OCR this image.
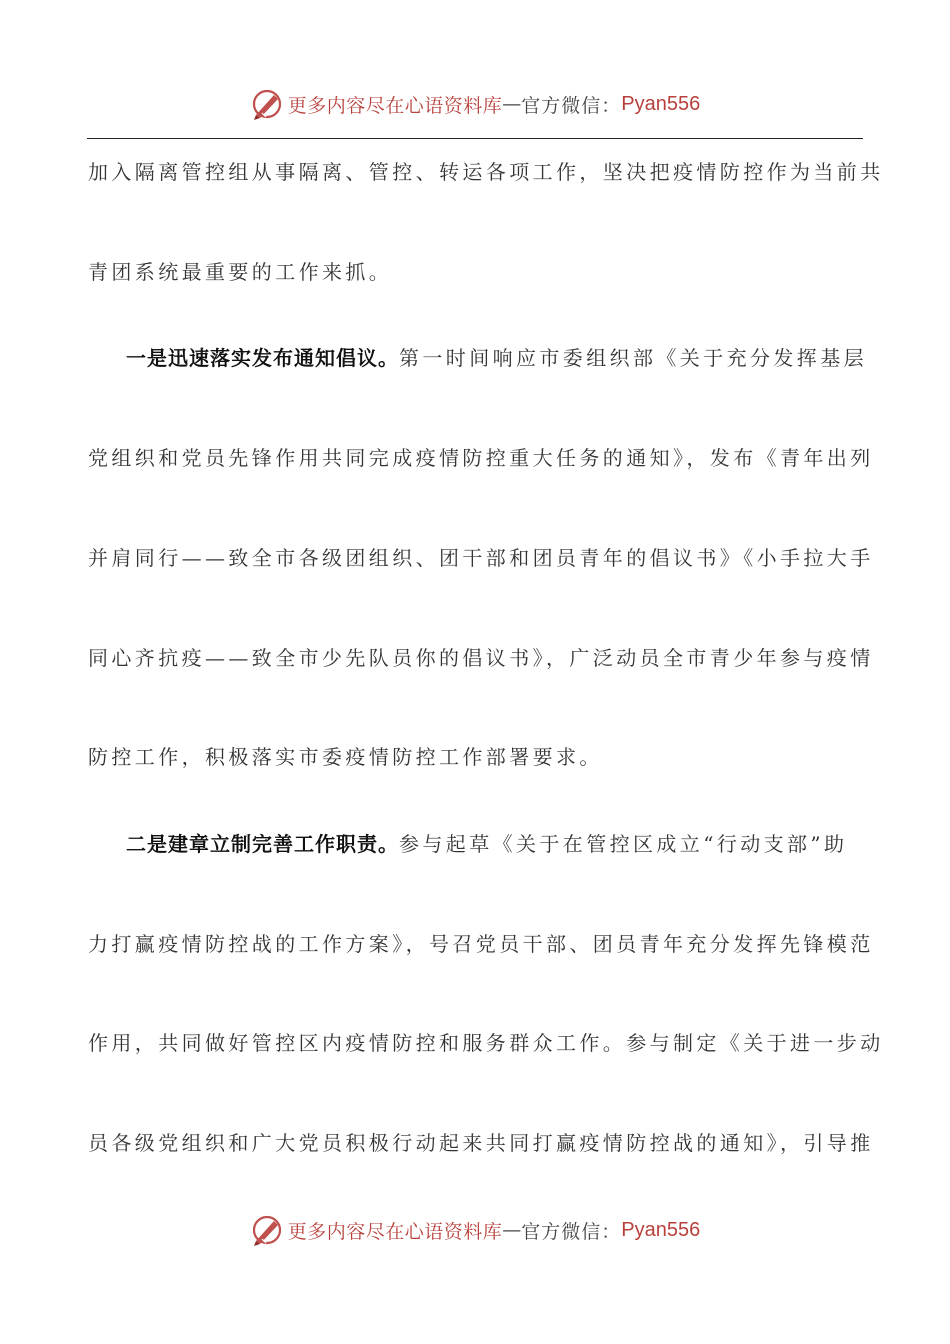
更多内容尽在心语资料库 — 官方微信： Pyan556
加入隔离管控组从事隔离、管控、转运各项工作，坚决把疫情防控作为当前共
青团系统最重要的工作来抓。
一是迅速落实发布通知倡议。第一时间响应市委组织部《关于充分发挥基层
党组织和党员先锋作用共同完成疫情防控重大任务的通知》，发布《青年出列
并肩同行——致全市各级团组织、团干部和团员青年的倡议书》《小手拉大手
同心齐抗疫——致全市少先队员你的倡议书》，广泛动员全市青少年参与疫情
防控工作，积极落实市委疫情防控工作部署要求。
二是建章立制完善工作职责。参与起草《关于在管控区成立“行动支部”助
力打赢疫情防控战的工作方案》，号召党员干部、团员青年充分发挥先锋模范
作用，共同做好管控区内疫情防控和服务群众工作。参与制定《关于进一步动
员各级党组织和广大党员积极行动起来共同打赢疫情防控战的通知》，引导推
更多内容尽在心语资料库 — 官方微信： Pyan556
